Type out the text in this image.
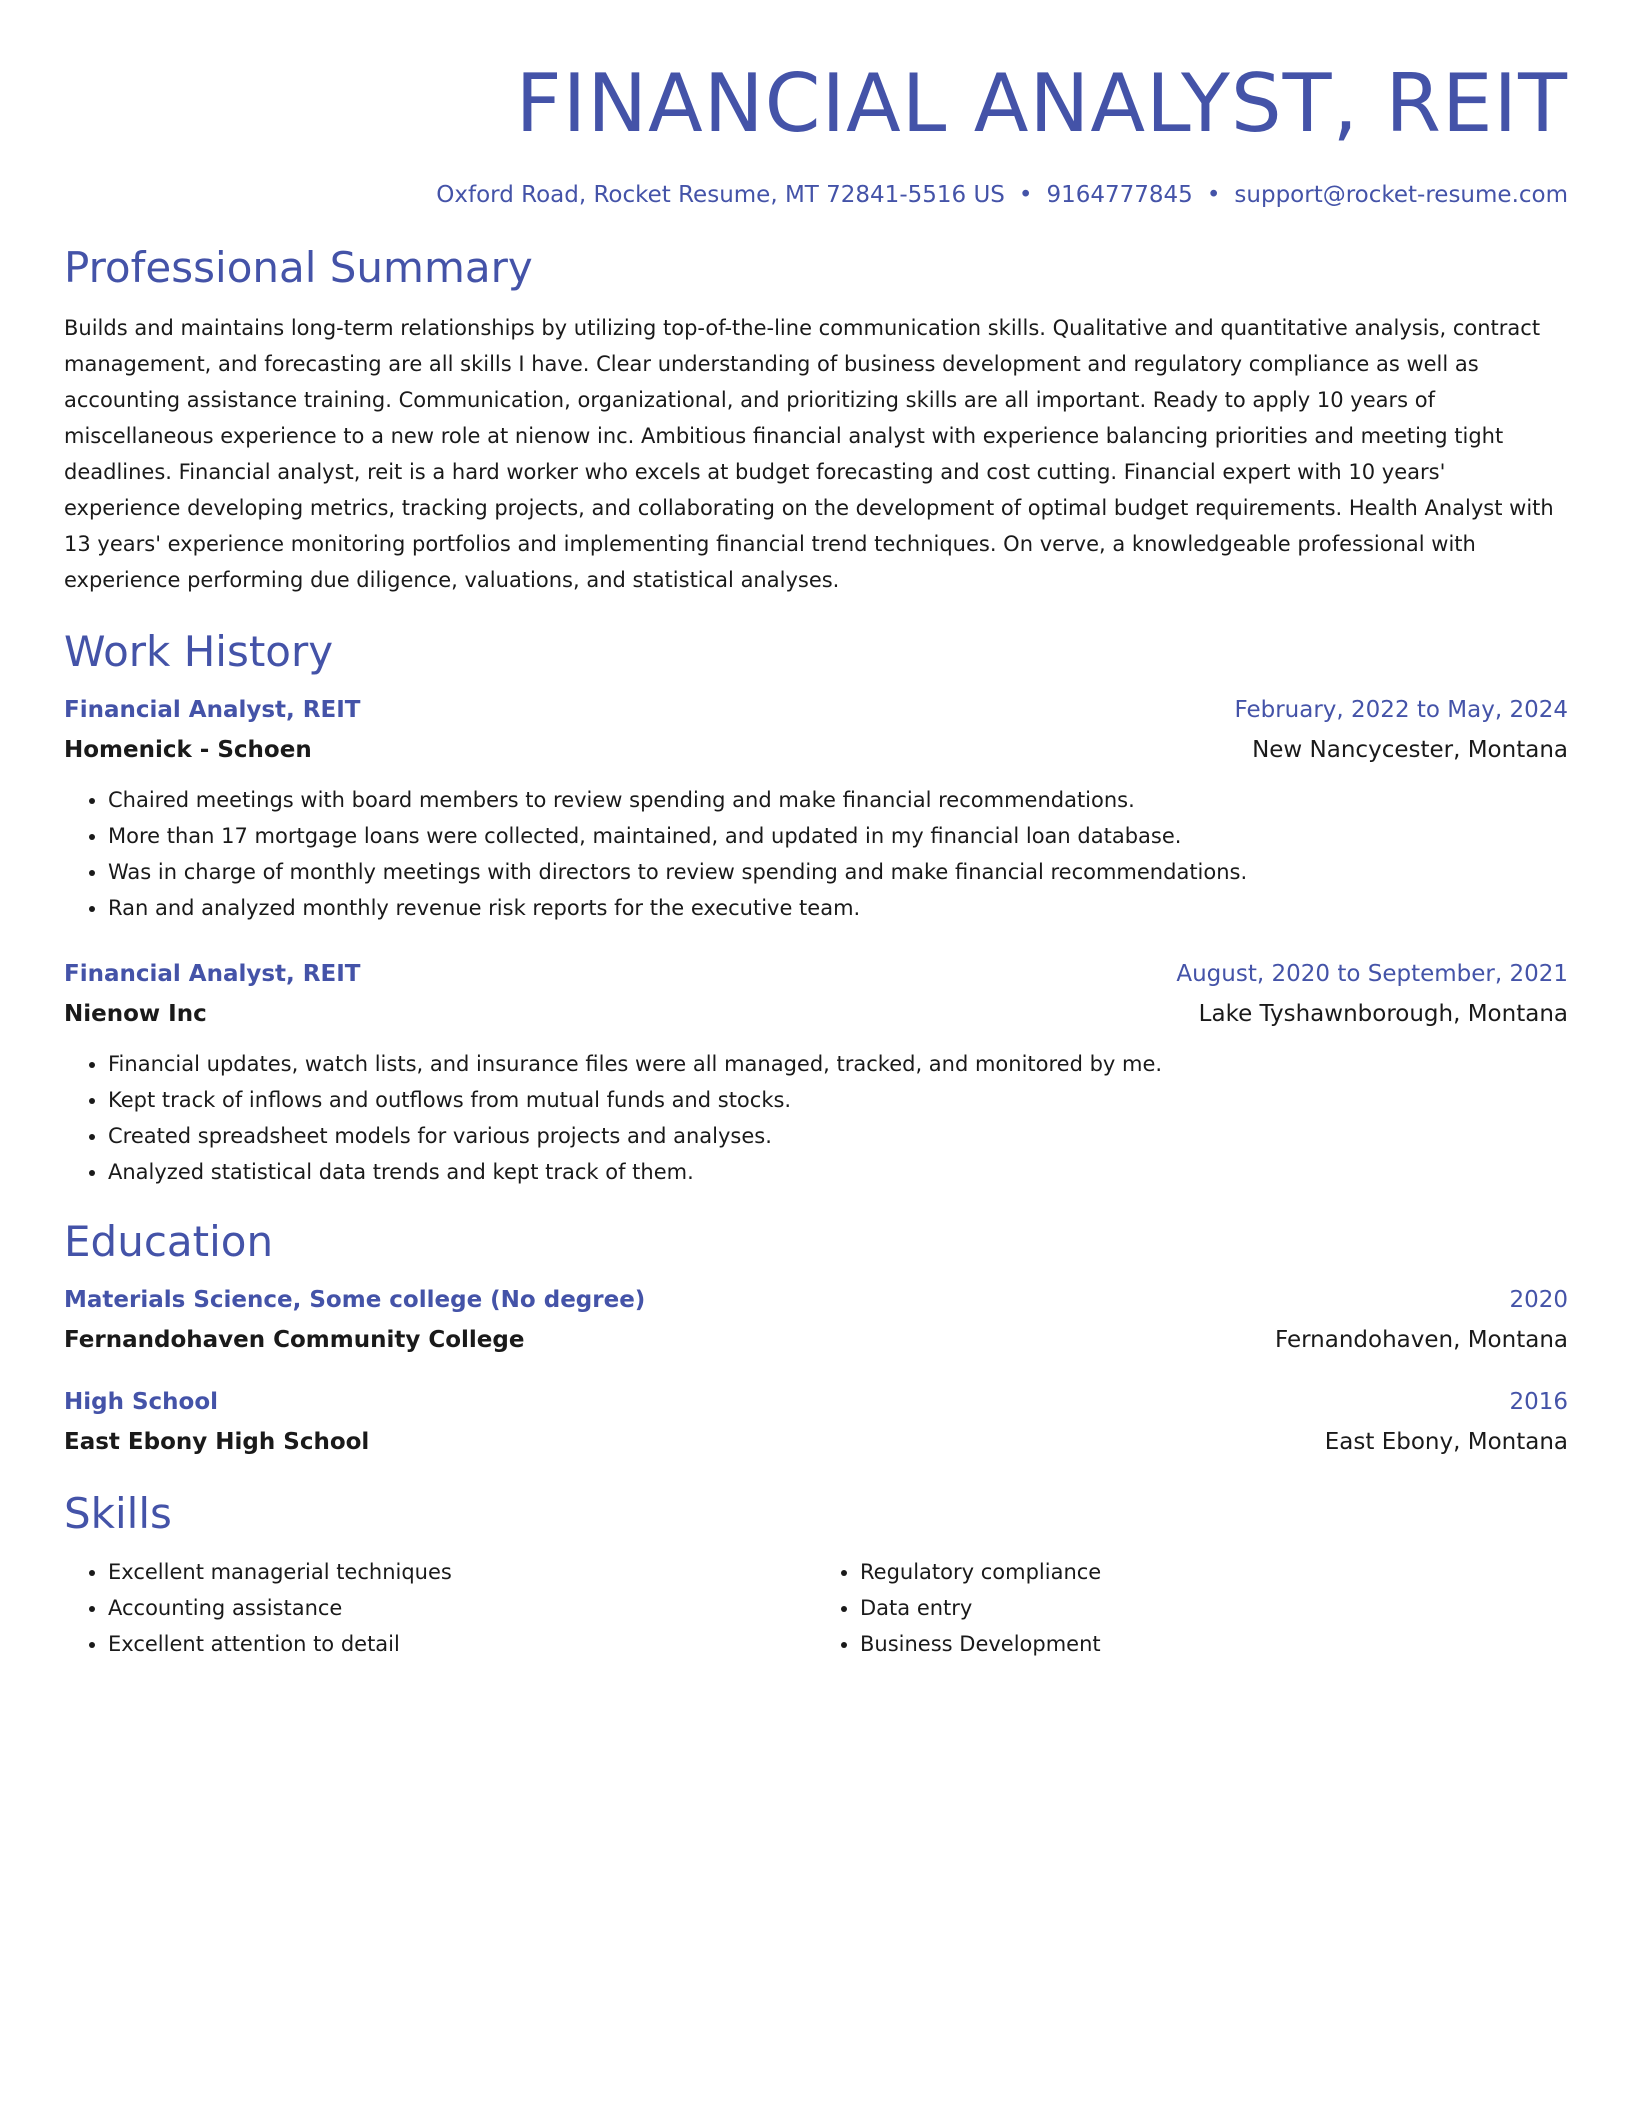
FINANCIAL ANALYST, REIT
Oxford Road, Rocket Resume, MT 72841-5516 US • 9164777845 • support@rocket-resume.com
Professional Summary
Builds and maintains long-term relationships by utilizing top-of-the-line communication skills. Qualitative and quantitative analysis, contract management, and forecasting are all skills I have. Clear understanding of business development and regulatory compliance as well as accounting assistance training. Communication, organizational, and prioritizing skills are all important. Ready to apply 10 years of miscellaneous experience to a new role at nienow inc. Ambitious financial analyst with experience balancing priorities and meeting tight deadlines. Financial analyst, reit is a hard worker who excels at budget forecasting and cost cutting. Financial expert with 10 years' experience developing metrics, tracking projects, and collaborating on the development of optimal budget requirements. Health Analyst with 13 years' experience monitoring portfolios and implementing financial trend techniques. On verve, a knowledgeable professional with experience performing due diligence, valuations, and statistical analyses.
Work History
Financial Analyst, REIT	February, 2022 to May, 2024
Homenick - Schoen	New Nancycester, Montana
• Chaired meetings with board members to review spending and make financial recommendations.
• More than 17 mortgage loans were collected, maintained, and updated in my financial loan database.
• Was in charge of monthly meetings with directors to review spending and make financial recommendations.
• Ran and analyzed monthly revenue risk reports for the executive team.
Financial Analyst, REIT	August, 2020 to September, 2021
Nienow Inc	Lake Tyshawnborough, Montana
• Financial updates, watch lists, and insurance files were all managed, tracked, and monitored by me.
• Kept track of inflows and outflows from mutual funds and stocks.
• Created spreadsheet models for various projects and analyses.
• Analyzed statistical data trends and kept track of them.
Education
Materials Science, Some college (No degree)	2020
Fernandohaven Community College	Fernandohaven, Montana
High School	2016
East Ebony High School	East Ebony, Montana
Skills
• Excellent managerial techniques
• Accounting assistance
• Excellent attention to detail
• Regulatory compliance
• Data entry
• Business Development
